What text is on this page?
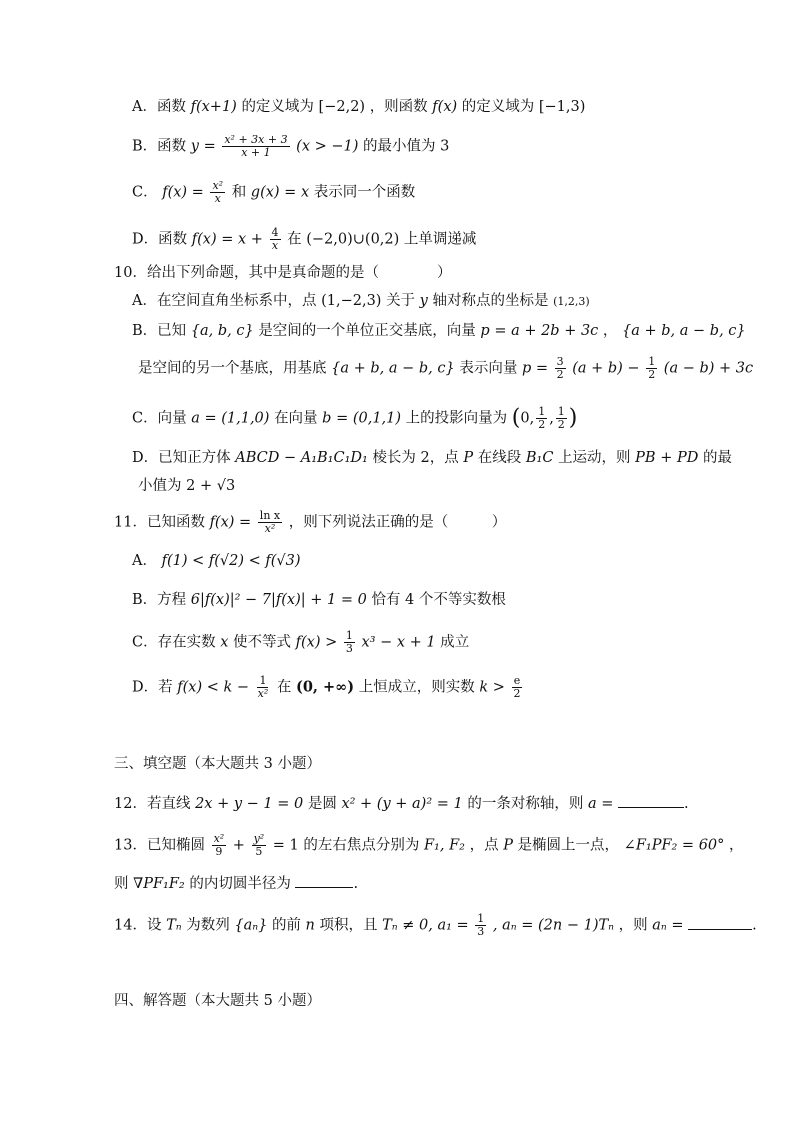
A．函数 f(x+1) 的定义域为 [−2,2) ，则函数 f(x) 的定义域为 [−1,3)
B．函数 $y = \frac{\text{x² + 3x + 3}}{x + 1} (x > -1)$ 的最小值为 3
C． $f(x) = \frac{\text{x²}}{x}$ 和 g(x) = x 表示同一个函数
D．函数 $f(x) = x + \frac{4}{x}$ 在 (−2,0)∪(0,2) 上单调递减
10．给出下列命题，其中是真命题的是（　　　　）
A．在空间直角坐标系中，点 (1,−2,3) 关于 y 轴对称点的坐标是 (1,2,3)
B．已知 {a, b, c} 是空间的一个单位正交基底，向量 p = a + 2b + 3c ， {a + b, a − b, c}
是空间的另一个基底，用基底 {a + b, a − b, c} 表示向量 $p = \frac{3}{2} (a + b) - \frac{1}{2} (a - b) + 3c$
C．向量 a = (1,1,0) 在向量 b = (0,1,1) 上的投影向量为 (0, $\frac{1}{2}$ , $\frac{1}{2}$ )
D．已知正方体 ABCD − A₁B₁C₁D₁ 棱长为 2，点 P 在线段 B₁C 上运动，则 PB + PD 的最
小值为 2 + √3
11．已知函数 $f(x) = \frac{\text{ln x}}{\text{x²}}$ ，则下列说法正确的是（　　　）
A． f(1) < f(√2) < f(√3)
B．方程 6|f(x)|² − 7|f(x)| + 1 = 0 恰有 4 个不等实数根
C．存在实数 x 使不等式 $f(x) > \frac{1}{3} x^3 - x + 1$ 成立
D．若 $f(x) < k - \frac{1}{\text{x²}}$ 在 (0, +∞) 上恒成立，则实数 $k > \frac{e}{2}$
三、填空题（本大题共 3 小题）
12．若直线 2x + y − 1 = 0 是圆 x² + (y + a)² = 1 的一条对称轴，则 a =	.
13．已知椭圆 $\frac{\text{x²}}{9} + \frac{\text{y²}}{5} = 1$ 的左右焦点分别为 F₁, F₂ ，点 P 是椭圆上一点， ∠F₁PF₂ = 60° ，
则 ∇PF₁F₂ 的内切圆半径为	.
14．设 Tₙ 为数列 {aₙ} 的前 n 项积，且 Tₙ ≠ 0, $a_1 = \frac{1}{3}$ , aₙ = (2n − 1)Tₙ ，则 aₙ =	.
四、解答题（本大题共 5 小题）
